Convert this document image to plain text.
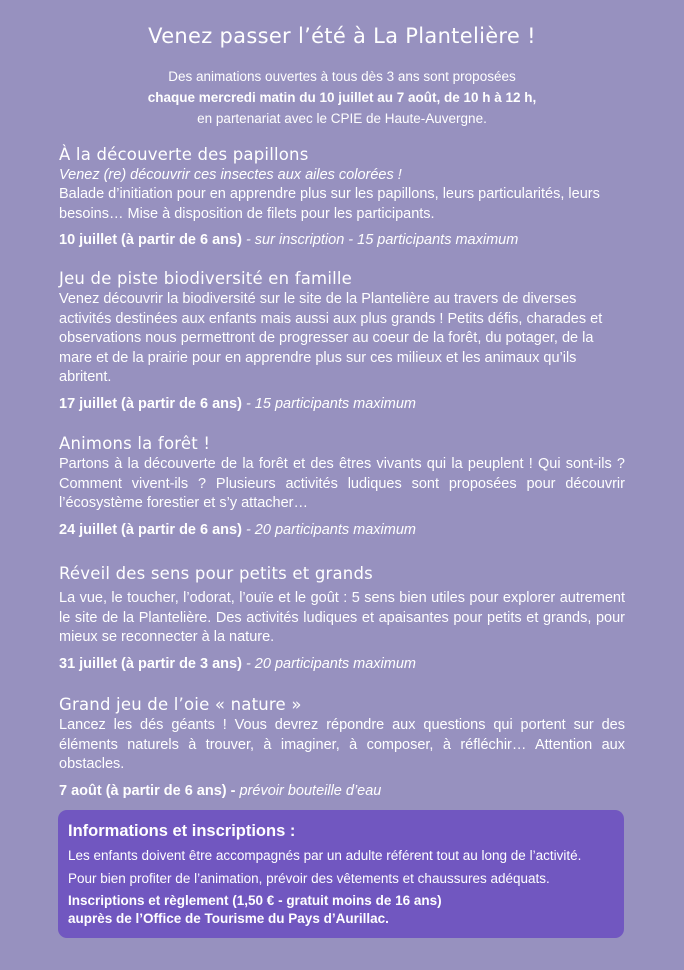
Venez passer l’été à La Plantelière !
Des animations ouvertes à tous dès 3 ans sont proposées
chaque mercredi matin du 10 juillet au 7 août, de 10 h à 12 h,
en partenariat avec le CPIE de Haute-Auvergne.
À la découverte des papillons
Venez (re) découvrir ces insectes aux ailes colorées !
Balade d’initiation pour en apprendre plus sur les papillons, leurs particularités, leurs besoins… Mise à disposition de filets pour les participants.
10 juillet (à partir de 6 ans) - sur inscription - 15 participants maximum
Jeu de piste biodiversité en famille
Venez découvrir la biodiversité sur le site de la Plantelière au travers de diverses activités destinées aux enfants mais aussi aux plus grands ! Petits défis, charades et observations nous permettront de progresser au coeur de la forêt, du potager, de la mare et de la prairie pour en apprendre plus sur ces milieux et les animaux qu’ils abritent.
17 juillet (à partir de 6 ans) - 15 participants maximum
Animons la forêt !
Partons à la découverte de la forêt et des êtres vivants qui la peuplent ! Qui sont-ils ? Comment vivent-ils ? Plusieurs activités ludiques sont proposées pour découvrir l’écosystème forestier et s’y attacher…
24 juillet (à partir de 6 ans) - 20 participants maximum
Réveil des sens pour petits et grands
La vue, le toucher, l’odorat, l’ouïe et le goût : 5 sens bien utiles pour explorer autrement le site de la Plantelière. Des activités ludiques et apaisantes pour petits et grands, pour mieux se reconnecter à la nature.
31 juillet (à partir de 3 ans) - 20 participants maximum
Grand jeu de l’oie « nature »
Lancez les dés géants ! Vous devrez répondre aux questions qui portent sur des éléments naturels à trouver, à imaginer, à composer, à réfléchir… Attention aux obstacles.
7 août (à partir de 6 ans) - prévoir bouteille d’eau
Informations et inscriptions :
Les enfants doivent être accompagnés par un adulte référent tout au long de l’activité.
Pour bien profiter de l’animation, prévoir des vêtements et chaussures adéquats.
Inscriptions et règlement (1,50 € - gratuit moins de 16 ans)
auprès de l’Office de Tourisme du Pays d’Aurillac.
